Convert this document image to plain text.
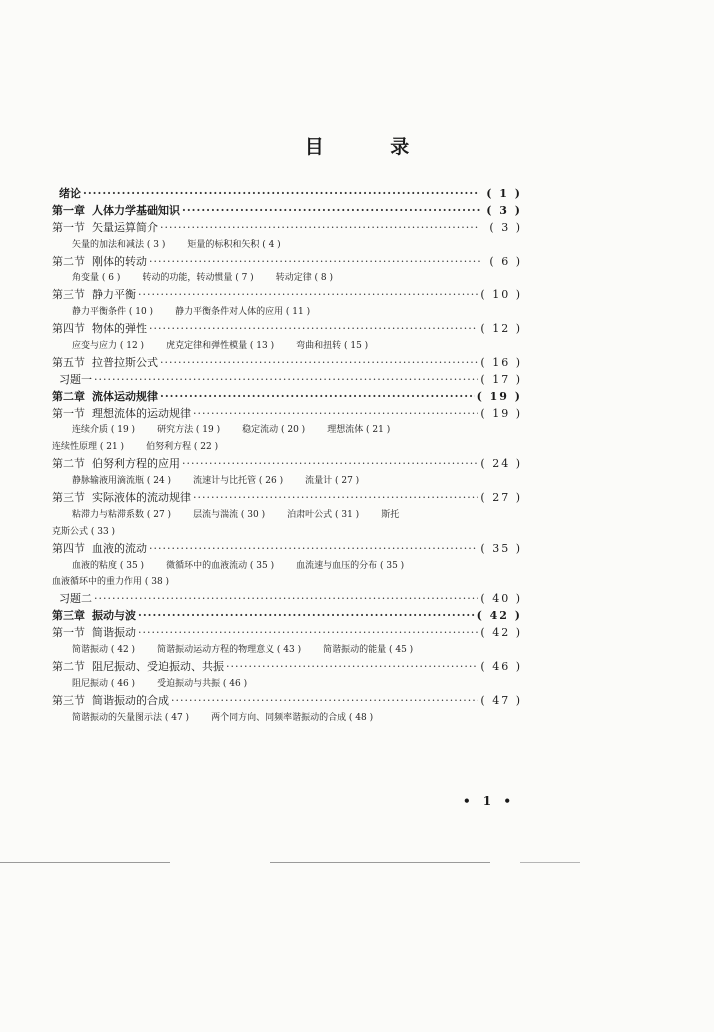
目 录
绪论 ·····	( 1 )
第一章 人体力学基础知识 ·····	( 3 )
第一节 矢量运算简介 ·····	( 3 )
矢量的加法和减法 ( 3 ) 矩量的标积和矢积 ( 4 )
第二节 刚体的转动 ·····	( 6 )
角变量 ( 6 ) 转动的功能，转动惯量 ( 7 ) 转动定律 ( 8 )
第三节 静力平衡 ·····	( 10 )
静力平衡条件 ( 10 ) 静力平衡条件对人体的应用 ( 11 )
第四节 物体的弹性 ·····	( 12 )
应变与应力 ( 12 ) 虎克定律和弹性模量 ( 13 ) 弯曲和扭转 ( 15 )
第五节 拉普拉斯公式 ·····	( 16 )
习题一 ·····	( 17 )
第二章 流体运动规律 ·····	( 19 )
第一节 理想流体的运动规律 ·····	( 19 )
连续介质 ( 19 ) 研究方法 ( 19 ) 稳定流动 ( 20 ) 理想流体 ( 21 )
连续性原理 ( 21 ) 伯努利方程 ( 22 )
第二节 伯努利方程的应用 ·····	( 24 )
静脉输液用滴流瓶 ( 24 ) 流速计与比托管 ( 26 ) 流量计 ( 27 )
第三节 实际液体的流动规律 ·····	( 27 )
粘滞力与粘滞系数 ( 27 ) 层流与湍流 ( 30 ) 泊肃叶公式 ( 31 ) 斯托
克斯公式 ( 33 )
第四节 血液的流动 ·····	( 35 )
血液的粘度 ( 35 ) 微循环中的血液流动 ( 35 ) 血流速与血压的分布 ( 35 )
血液循环中的重力作用 ( 38 )
习题二 ·····	( 40 )
第三章 振动与波 ·····	( 42 )
第一节 简谐振动 ·····	( 42 )
简谐振动 ( 42 ) 简谐振动运动方程的物理意义 ( 43 ) 简谐振动的能量 ( 45 )
第二节 阻尼振动、受迫振动、共振 ·····	( 46 )
阻尼振动 ( 46 ) 受迫振动与共振 ( 46 )
第三节 简谐振动的合成 ·····	( 47 )
简谐振动的矢量图示法 ( 47 ) 两个同方向、同频率谐振动的合成 ( 48 )
• 1 •
